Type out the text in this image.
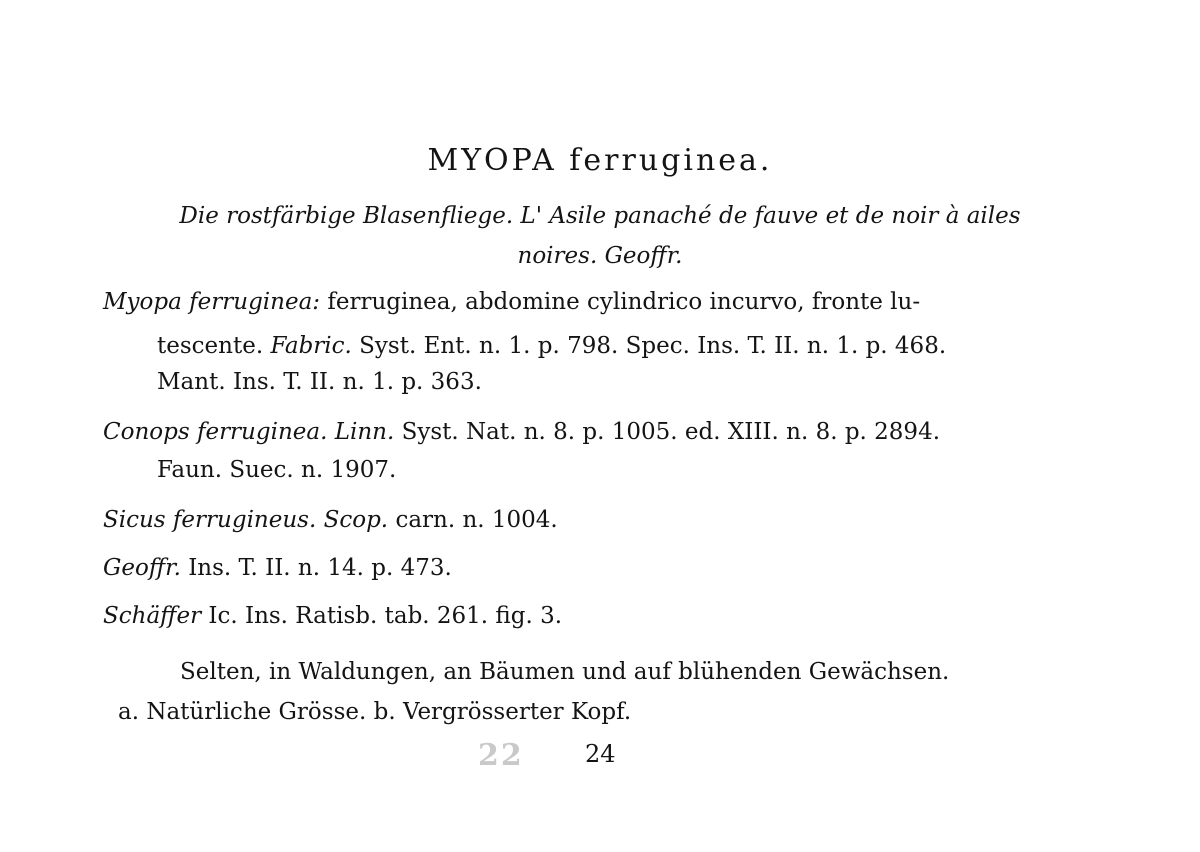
MYOPA ferruginea.
Die rostfärbige Blasenfliege. L' Asile panaché de fauve et de noir à ailes
noires. Geoffr.
Myopa ferruginea: ferruginea, abdomine cylindrico incurvo, fronte lu-
tescente. Fabric. Syst. Ent. n. 1. p. 798. Spec. Ins. T. II. n. 1. p. 468.
Mant. Ins. T. II. n. 1. p. 363.
Conops ferruginea. Linn. Syst. Nat. n. 8. p. 1005. ed. XIII. n. 8. p. 2894.
Faun. Suec. n. 1907.
Sicus ferrugineus. Scop. carn. n. 1004.
Geoffr. Ins. T. II. n. 14. p. 473.
Schäffer Ic. Ins. Ratisb. tab. 261. fig. 3.
Selten, in Waldungen, an Bäumen und auf blühenden Gewächsen.
a. Natürliche Grösse. b. Vergrösserter Kopf.
22	24
